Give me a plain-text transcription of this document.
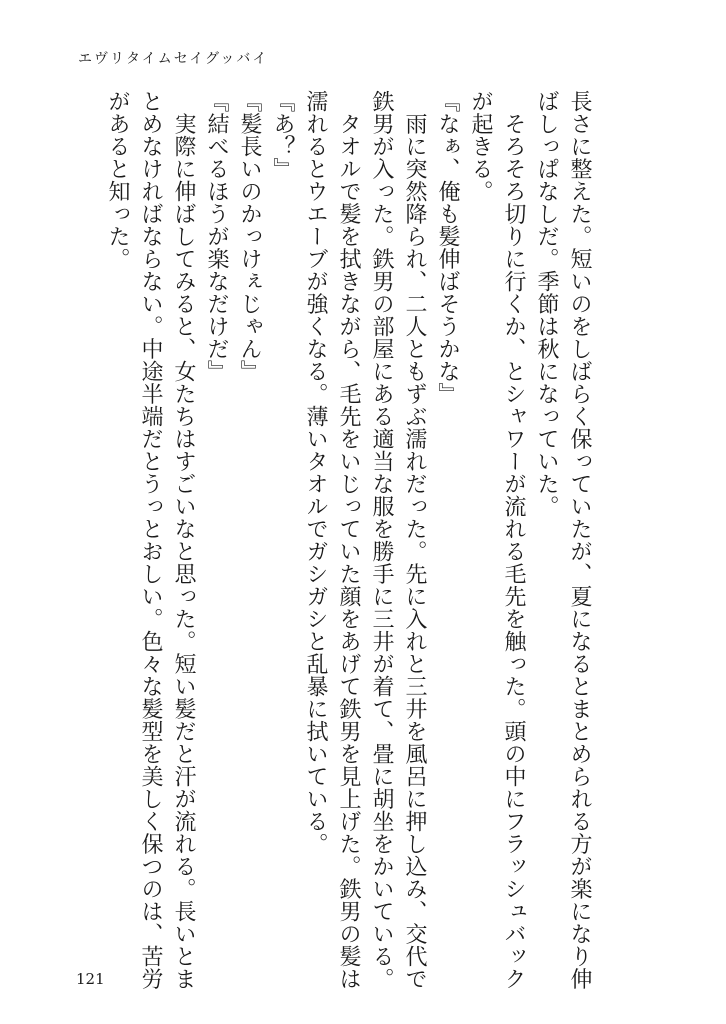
エヴリタイムセイグッバイ

長さに整えた。短いのをしばらく保っていたが、夏になるとまとめられる方が楽になり伸

ばしっぱなしだ。季節は秋になっていた。

　そろそろ切りに行くか、とシャワーが流れる毛先を触った。頭の中にフラッシュバック

が起きる。

『なぁ、俺も髪伸ばそうかな』

　雨に突然降られ、二人ともずぶ濡れだった。先に入れと三井を風呂に押し込み、交代で

鉄男が入った。鉄男の部屋にある適当な服を勝手に三井が着て、畳に胡坐をかいている。

　タオルで髪を拭きながら、毛先をいじっていた顔をあげて鉄男を見上げた。鉄男の髪は

濡れるとウエーブが強くなる。薄いタオルでガシガシと乱暴に拭いている。

『あ？』

『髪長いのかっけぇじゃん』

『結べるほうが楽なだけだ』

　実際に伸ばしてみると、女たちはすごいなと思った。短い髪だと汗が流れる。長いとま

とめなければならない。中途半端だとうっとおしい。色々な髪型を美しく保つのは、苦労

があると知った。

121
